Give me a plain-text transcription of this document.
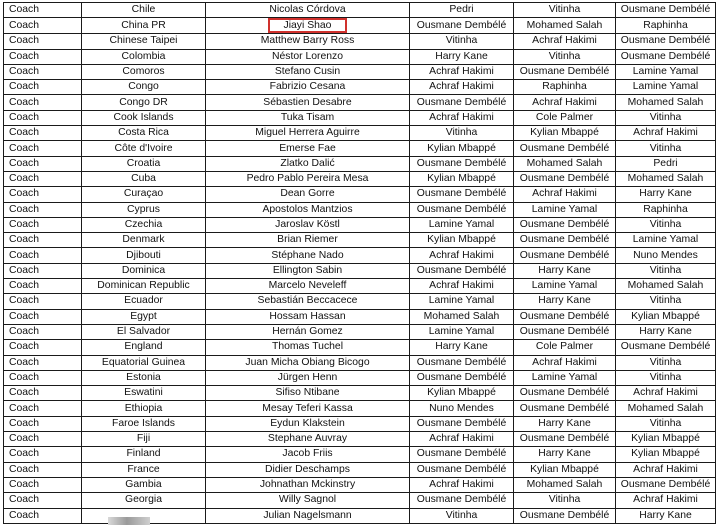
Coach	Chile	Nicolas Córdova	Pedri	Vitinha	Ousmane Dembélé
Coach	China PR	Jiayi Shao	Ousmane Dembélé	Mohamed Salah	Raphinha
Coach	Chinese Taipei	Matthew Barry Ross	Vitinha	Achraf Hakimi	Ousmane Dembélé
Coach	Colombia	Néstor Lorenzo	Harry Kane	Vitinha	Ousmane Dembélé
Coach	Comoros	Stefano Cusin	Achraf Hakimi	Ousmane Dembélé	Lamine Yamal
Coach	Congo	Fabrizio Cesana	Achraf Hakimi	Raphinha	Lamine Yamal
Coach	Congo DR	Sébastien Desabre	Ousmane Dembélé	Achraf Hakimi	Mohamed Salah
Coach	Cook Islands	Tuka Tisam	Achraf Hakimi	Cole Palmer	Vitinha
Coach	Costa Rica	Miguel Herrera Aguirre	Vitinha	Kylian Mbappé	Achraf Hakimi
Coach	Côte d'Ivoire	Emerse Fae	Kylian Mbappé	Ousmane Dembélé	Vitinha
Coach	Croatia	Zlatko Dalić	Ousmane Dembélé	Mohamed Salah	Pedri
Coach	Cuba	Pedro Pablo Pereira Mesa	Kylian Mbappé	Ousmane Dembélé	Mohamed Salah
Coach	Curaçao	Dean Gorre	Ousmane Dembélé	Achraf Hakimi	Harry Kane
Coach	Cyprus	Apostolos Mantzios	Ousmane Dembélé	Lamine Yamal	Raphinha
Coach	Czechia	Jaroslav Köstl	Lamine Yamal	Ousmane Dembélé	Vitinha
Coach	Denmark	Brian Riemer	Kylian Mbappé	Ousmane Dembélé	Lamine Yamal
Coach	Djibouti	Stéphane Nado	Achraf Hakimi	Ousmane Dembélé	Nuno Mendes
Coach	Dominica	Ellington Sabin	Ousmane Dembélé	Harry Kane	Vitinha
Coach	Dominican Republic	Marcelo Neveleff	Achraf Hakimi	Lamine Yamal	Mohamed Salah
Coach	Ecuador	Sebastián Beccacece	Lamine Yamal	Harry Kane	Vitinha
Coach	Egypt	Hossam Hassan	Mohamed Salah	Ousmane Dembélé	Kylian Mbappé
Coach	El Salvador	Hernán Gomez	Lamine Yamal	Ousmane Dembélé	Harry Kane
Coach	England	Thomas Tuchel	Harry Kane	Cole Palmer	Ousmane Dembélé
Coach	Equatorial Guinea	Juan Micha Obiang Bicogo	Ousmane Dembélé	Achraf Hakimi	Vitinha
Coach	Estonia	Jürgen Henn	Ousmane Dembélé	Lamine Yamal	Vitinha
Coach	Eswatini	Sifiso Ntibane	Kylian Mbappé	Ousmane Dembélé	Achraf Hakimi
Coach	Ethiopia	Mesay Teferi Kassa	Nuno Mendes	Ousmane Dembélé	Mohamed Salah
Coach	Faroe Islands	Eydun Klakstein	Ousmane Dembélé	Harry Kane	Vitinha
Coach	Fiji	Stephane Auvray	Achraf Hakimi	Ousmane Dembélé	Kylian Mbappé
Coach	Finland	Jacob Friis	Ousmane Dembélé	Harry Kane	Kylian Mbappé
Coach	France	Didier Deschamps	Ousmane Dembélé	Kylian Mbappé	Achraf Hakimi
Coach	Gambia	Johnathan Mckinstry	Achraf Hakimi	Mohamed Salah	Ousmane Dembélé
Coach	Georgia	Willy Sagnol	Ousmane Dembélé	Vitinha	Achraf Hakimi
Coach		Julian Nagelsmann	Vitinha	Ousmane Dembélé	Harry Kane
